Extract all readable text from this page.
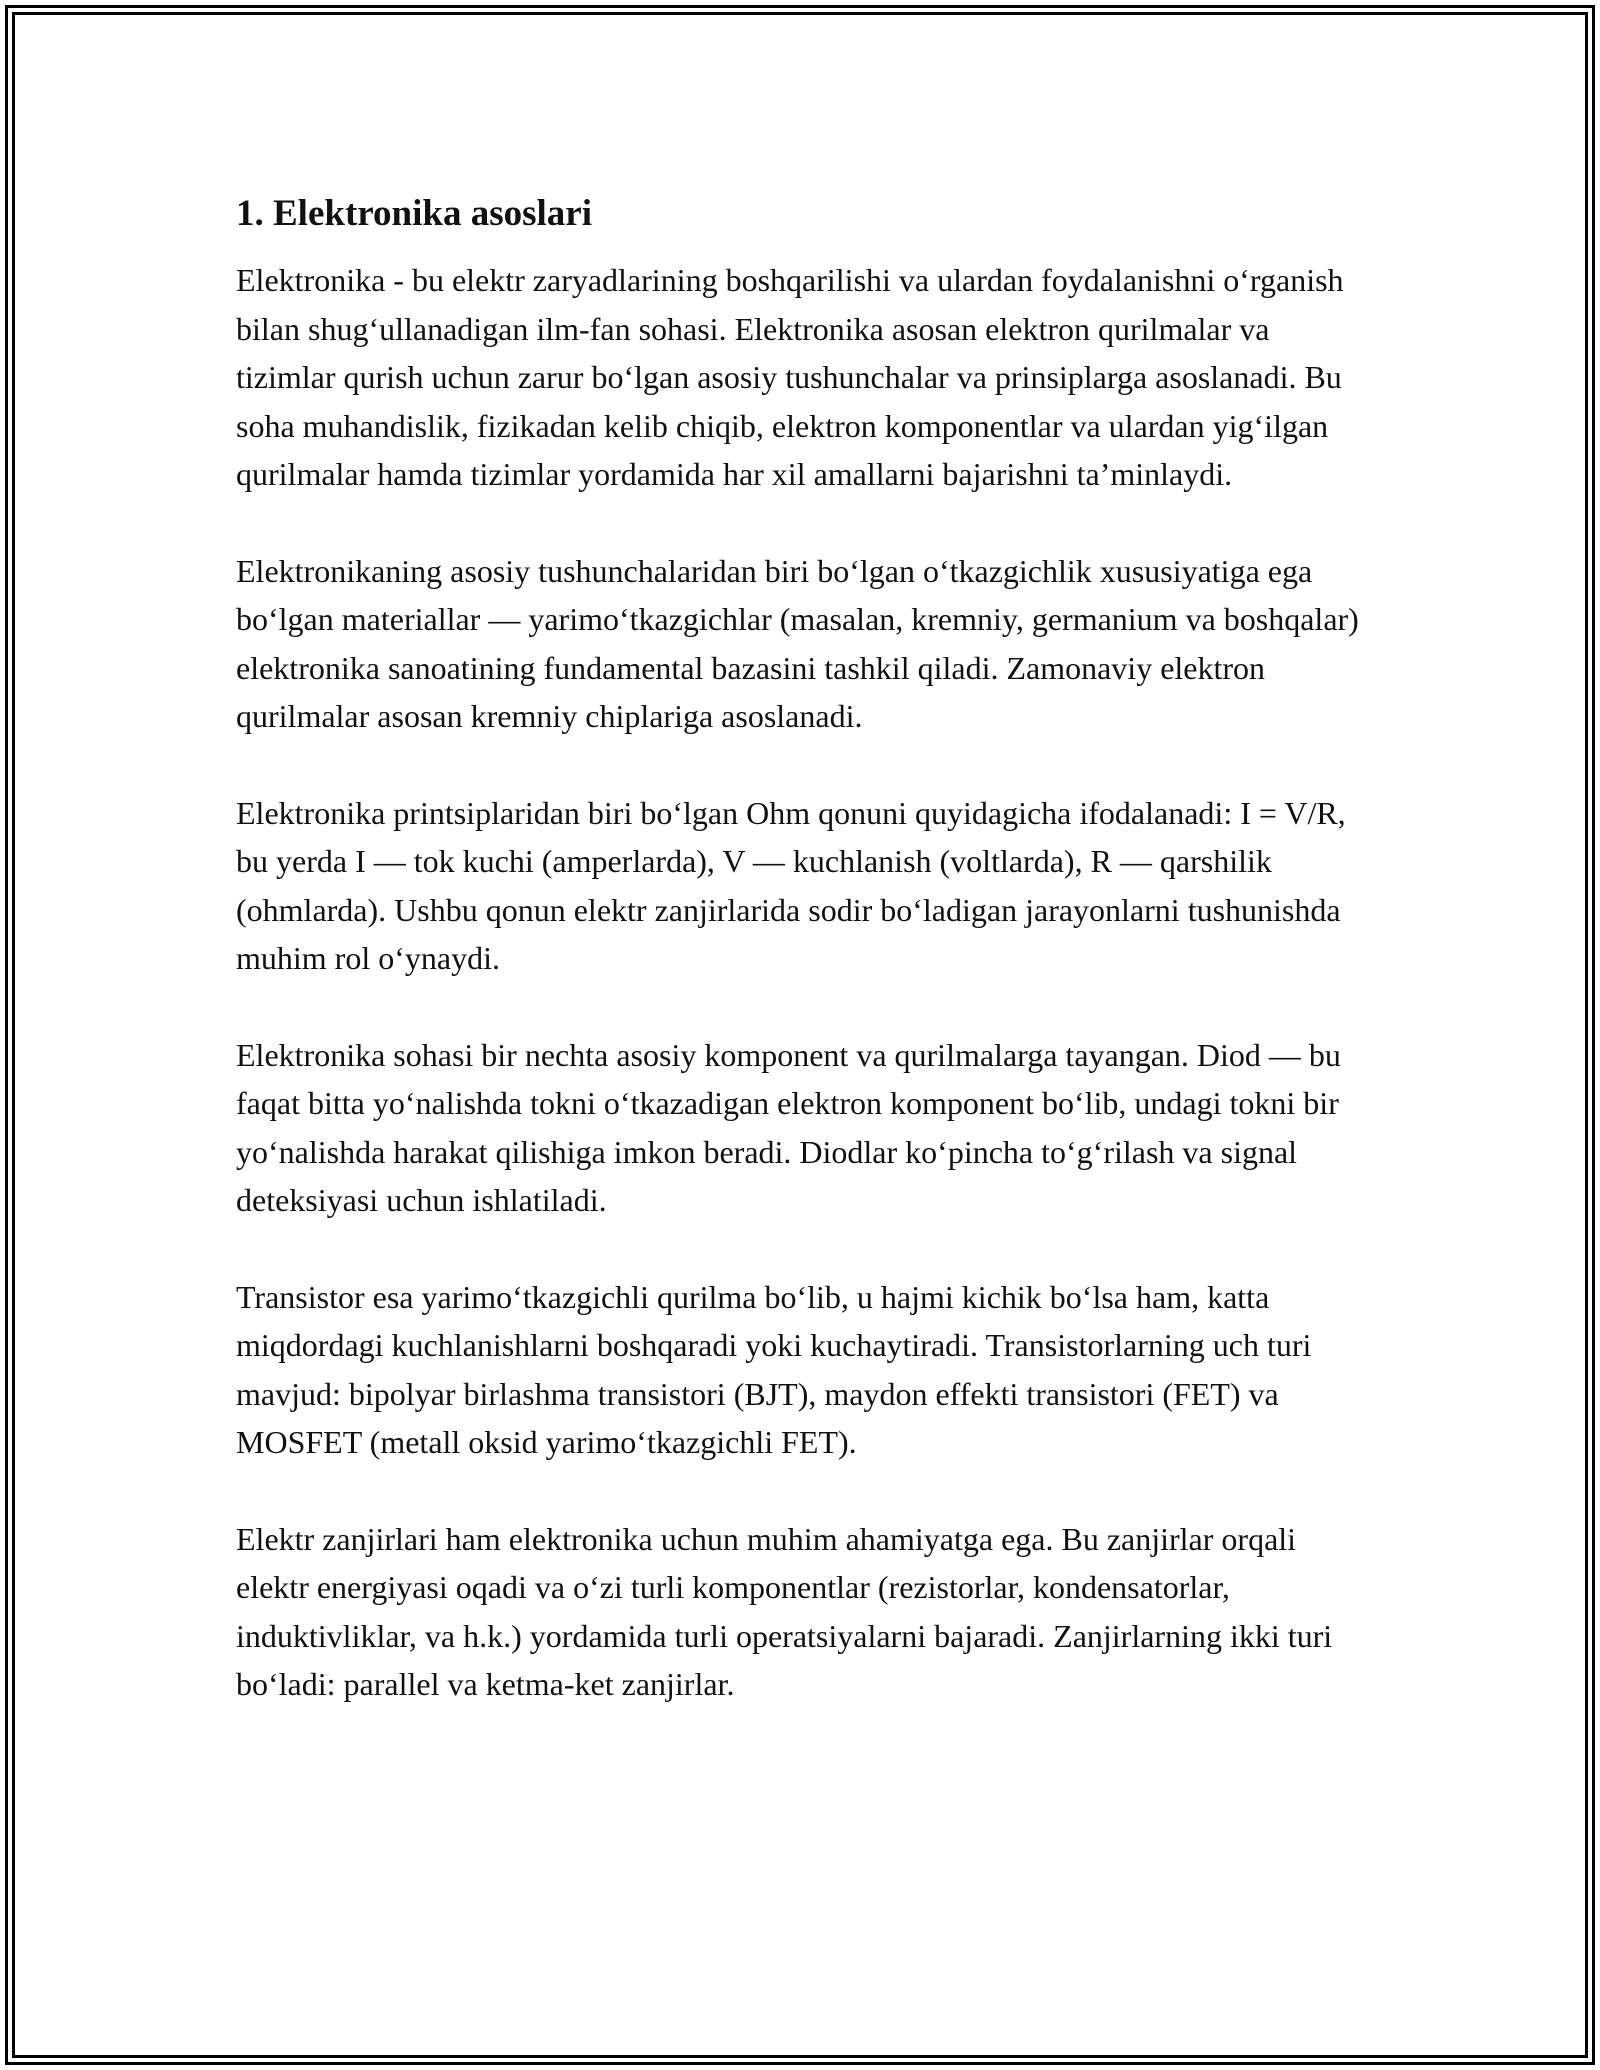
1. Elektronika asoslari

Elektronika - bu elektr zaryadlarining boshqarilishi va ulardan foydalanishni o‘rganish bilan shug‘ullanadigan ilm-fan sohasi. Elektronika asosan elektron qurilmalar va tizimlar qurish uchun zarur bo‘lgan asosiy tushunchalar va prinsiplarga asoslanadi. Bu soha muhandislik, fizikadan kelib chiqib, elektron komponentlar va ulardan yig‘ilgan qurilmalar hamda tizimlar yordamida har xil amallarni bajarishni ta’minlaydi.

Elektronikaning asosiy tushunchalaridan biri bo‘lgan o‘tkazgichlik xususiyatiga ega bo‘lgan materiallar — yarimo‘tkazgichlar (masalan, kremniy, germanium va boshqalar) elektronika sanoatining fundamental bazasini tashkil qiladi. Zamonaviy elektron qurilmalar asosan kremniy chiplariga asoslanadi.

Elektronika printsiplaridan biri bo‘lgan Ohm qonuni quyidagicha ifodalanadi: I = V/R, bu yerda I — tok kuchi (amperlarda), V — kuchlanish (voltlarda), R — qarshilik (ohmlarda). Ushbu qonun elektr zanjirlarida sodir bo‘ladigan jarayonlarni tushunishda muhim rol o‘ynaydi.

Elektronika sohasi bir nechta asosiy komponent va qurilmalarga tayangan. Diod — bu faqat bitta yo‘nalishda tokni o‘tkazadigan elektron komponent bo‘lib, undagi tokni bir yo‘nalishda harakat qilishiga imkon beradi. Diodlar ko‘pincha to‘g‘rilash va signal deteksiyasi uchun ishlatiladi.

Transistor esa yarimo‘tkazgichli qurilma bo‘lib, u hajmi kichik bo‘lsa ham, katta miqdordagi kuchlanishlarni boshqaradi yoki kuchaytiradi. Transistorlarning uch turi mavjud: bipolyar birlashma transistori (BJT), maydon effekti transistori (FET) va MOSFET (metall oksid yarimo‘tkazgichli FET).

Elektr zanjirlari ham elektronika uchun muhim ahamiyatga ega. Bu zanjirlar orqali elektr energiyasi oqadi va o‘zi turli komponentlar (rezistorlar, kondensatorlar, induktivliklar, va h.k.) yordamida turli operatsiyalarni bajaradi. Zanjirlarning ikki turi bo‘ladi: parallel va ketma-ket zanjirlar.
